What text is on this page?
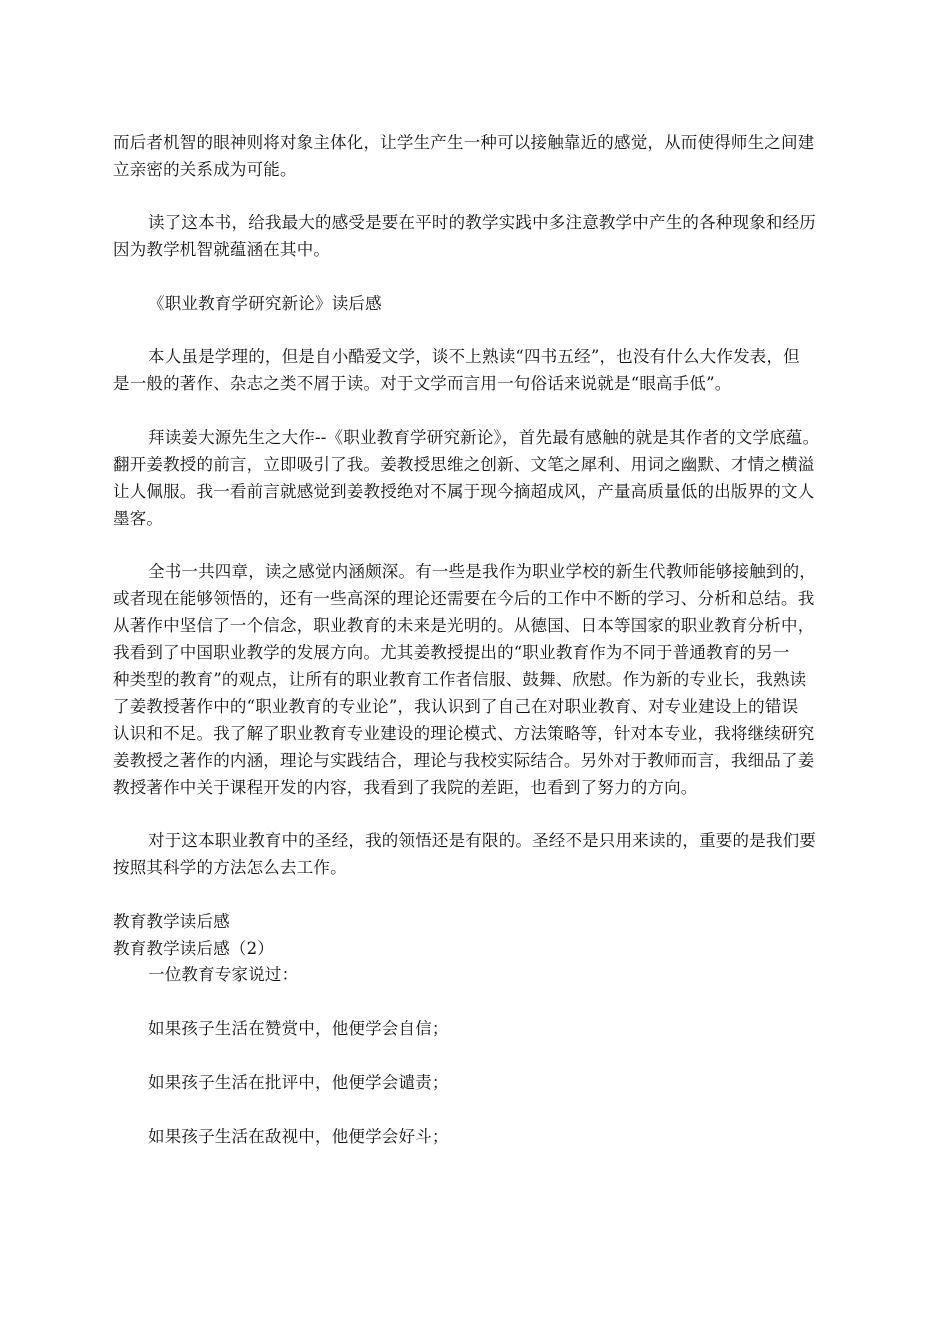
而后者机智的眼神则将对象主体化，让学生产生一种可以接触靠近的感觉，从而使得师生之间建
立亲密的关系成为可能。
读了这本书，给我最大的感受是要在平时的教学实践中多注意教学中产生的各种现象和经历
因为教学机智就蕴涵在其中。
《职业教育学研究新论》读后感
本人虽是学理的，但是自小酷爱文学，谈不上熟读“四书五经”，也没有什么大作发表，但
是一般的著作、杂志之类不屑于读。对于文学而言用一句俗话来说就是“眼高手低”。
拜读姜大源先生之大作--《职业教育学研究新论》，首先最有感触的就是其作者的文学底蕴。
翻开姜教授的前言，立即吸引了我。姜教授思维之创新、文笔之犀利、用词之幽默、才情之横溢
让人佩服。我一看前言就感觉到姜教授绝对不属于现今摘超成风，产量高质量低的出版界的文人
墨客。
全书一共四章，读之感觉内涵颇深。有一些是我作为职业学校的新生代教师能够接触到的，
或者现在能够领悟的，还有一些高深的理论还需要在今后的工作中不断的学习、分析和总结。我
从著作中坚信了一个信念，职业教育的未来是光明的。从德国、日本等国家的职业教育分析中，
我看到了中国职业教学的发展方向。尤其姜教授提出的“职业教育作为不同于普通教育的另一
种类型的教育”的观点，让所有的职业教育工作者信服、鼓舞、欣慰。作为新的专业长，我熟读
了姜教授著作中的“职业教育的专业论”，我认识到了自己在对职业教育、对专业建设上的错误
认识和不足。我了解了职业教育专业建设的理论模式、方法策略等，针对本专业，我将继续研究
姜教授之著作的内涵，理论与实践结合，理论与我校实际结合。另外对于教师而言，我细品了姜
教授著作中关于课程开发的内容，我看到了我院的差距，也看到了努力的方向。
对于这本职业教育中的圣经，我的领悟还是有限的。圣经不是只用来读的，重要的是我们要
按照其科学的方法怎么去工作。
教育教学读后感
教育教学读后感（2）
一位教育专家说过：
如果孩子生活在赞赏中，他便学会自信；
如果孩子生活在批评中，他便学会谴责；
如果孩子生活在敌视中，他便学会好斗；
